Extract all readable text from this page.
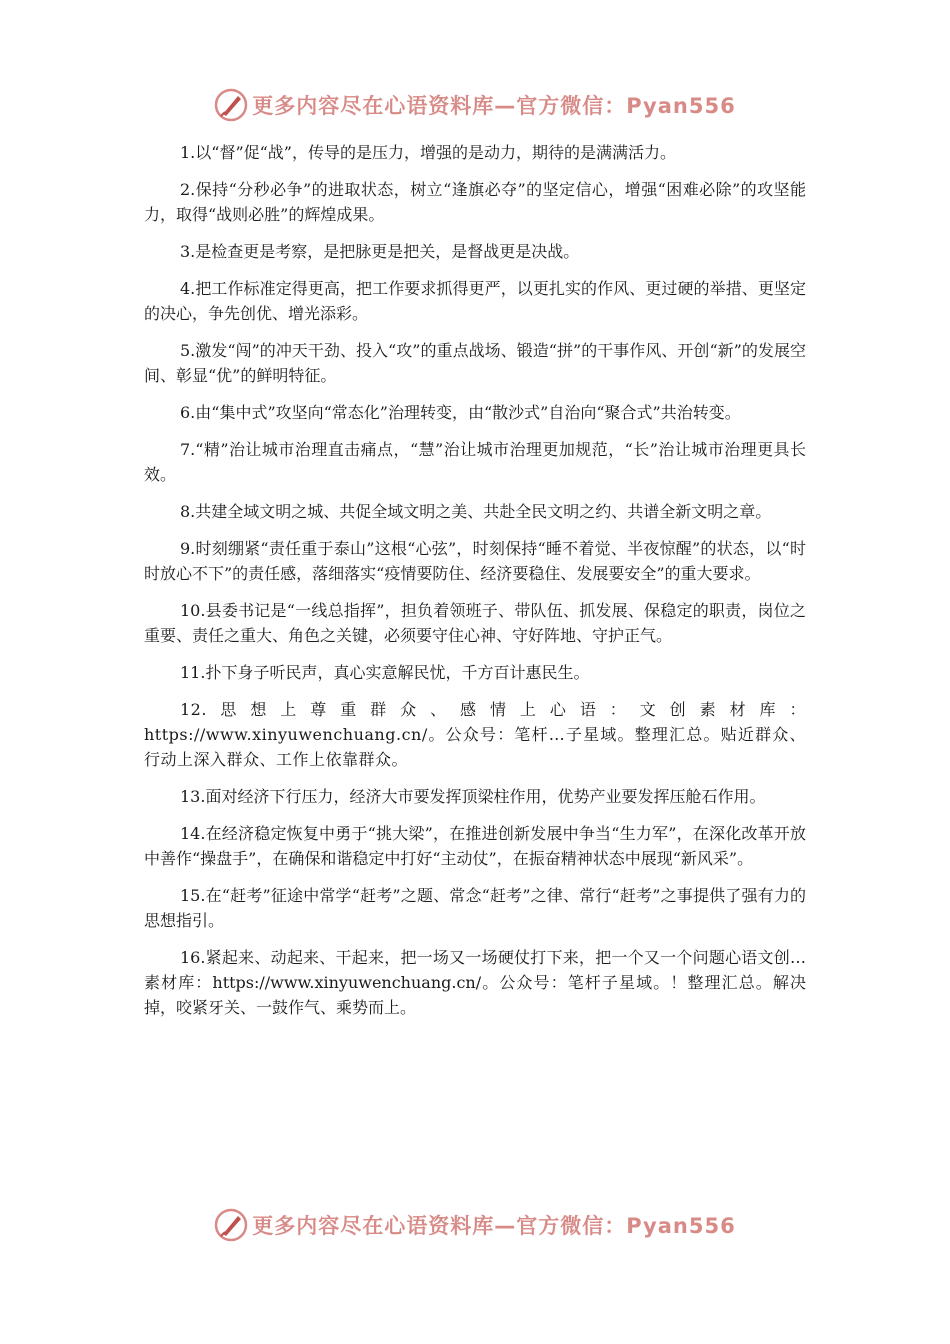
更多内容尽在心语资料库—官方微信：Pyan556

1.以“督”促“战”，传导的是压力，增强的是动力，期待的是满满活力。

2.保持“分秒必争”的进取状态，树立“逢旗必夺”的坚定信心，增强“困难必除”的攻坚能力，取得“战则必胜”的辉煌成果。

3.是检查更是考察，是把脉更是把关，是督战更是决战。

4.把工作标准定得更高，把工作要求抓得更严，以更扎实的作风、更过硬的举措、更坚定的决心，争先创优、增光添彩。

5.激发“闯”的冲天干劲、投入“攻”的重点战场、锻造“拼”的干事作风、开创“新”的发展空间、彰显“优”的鲜明特征。

6.由“集中式”攻坚向“常态化”治理转变，由“散沙式”自治向“聚合式”共治转变。

7.“精”治让城市治理直击痛点，“慧”治让城市治理更加规范，“长”治让城市治理更具长效。

8.共建全域文明之城、共促全域文明之美、共赴全民文明之约、共谱全新文明之章。

9.时刻绷紧“责任重于泰山”这根“心弦”，时刻保持“睡不着觉、半夜惊醒”的状态，以“时时放心不下”的责任感，落细落实“疫情要防住、经济要稳住、发展要安全”的重大要求。

10.县委书记是“一线总指挥”，担负着领班子、带队伍、抓发展、保稳定的职责，岗位之重要、责任之重大、角色之关键，必须要守住心神、守好阵地、守护正气。

11.扑下身子听民声，真心实意解民忧，千方百计惠民生。

12.思想上尊重群众、感情上心语：文创素材库：https://www.xinyuwenchuang.cn/。公众号：笔杆…子星域。整理汇总。贴近群众、行动上深入群众、工作上依靠群众。

13.面对经济下行压力，经济大市要发挥顶梁柱作用，优势产业要发挥压舱石作用。

14.在经济稳定恢复中勇于“挑大梁”，在推进创新发展中争当“生力军”，在深化改革开放中善作“操盘手”，在确保和谐稳定中打好“主动仗”，在振奋精神状态中展现“新风采”。

15.在“赶考”征途中常学“赶考”之题、常念“赶考”之律、常行“赶考”之事提供了强有力的思想指引。

16.紧起来、动起来、干起来，把一场又一场硬仗打下来，把一个又一个问题心语文创…素材库：https://www.xinyuwenchuang.cn/。公众号：笔杆子星域。！整理汇总。解决掉，咬紧牙关、一鼓作气、乘势而上。

更多内容尽在心语资料库—官方微信：Pyan556
